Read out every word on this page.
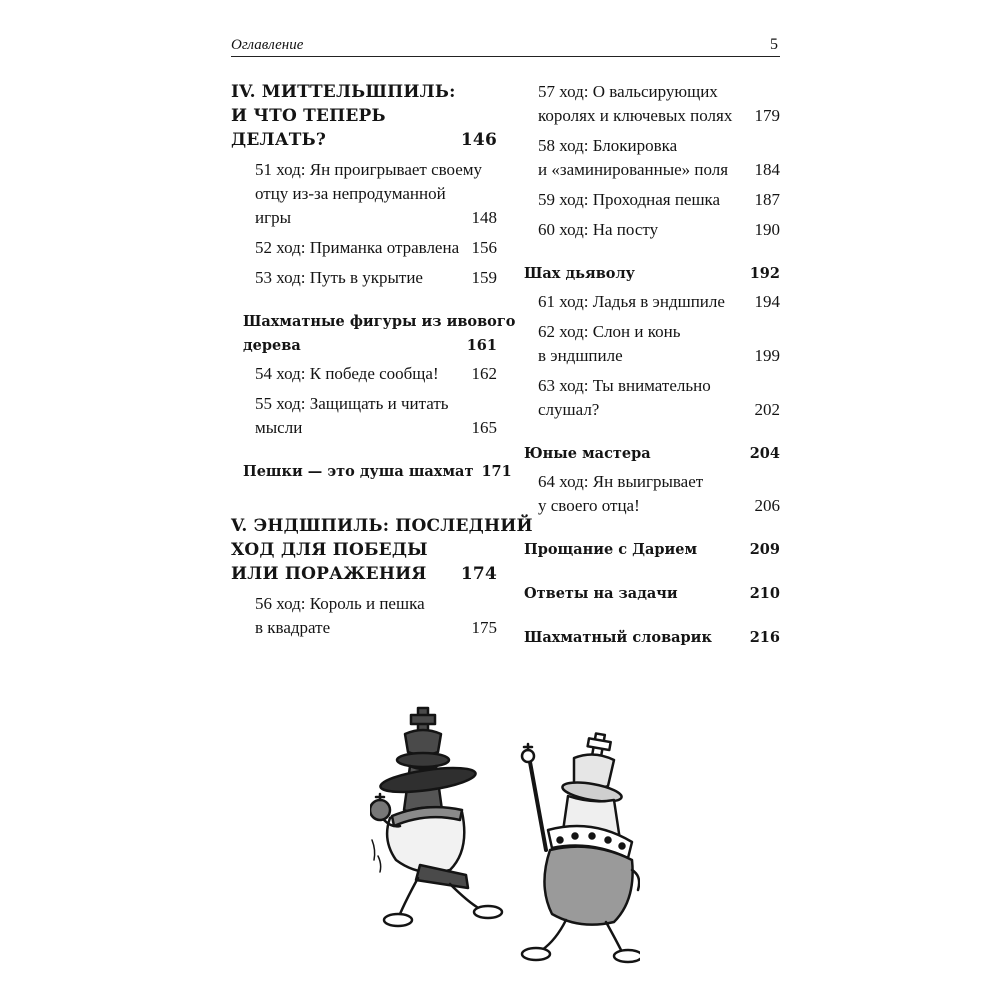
Оглавление	5
IV. МИТТЕЛЬШПИЛЬ:
И ЧТО ТЕПЕРЬ
ДЕЛАТЬ?	146
51 ход: Ян проигрывает своему
отцу из-за непродуманной
игры	148
52 ход: Приманка отравлена 156
53 ход: Путь в укрытие	159
Шахматные фигуры из ивового
дерева	161
54 ход: К победе сообща! 162
55 ход: Защищать и читать
мысли	165
Пешки — это душа шахмат 171
V. ЭНДШПИЛЬ: ПОСЛЕДНИЙ
ХОД ДЛЯ ПОБЕДЫ
ИЛИ ПОРАЖЕНИЯ 174
56 ход: Король и пешка
в квадрате	175
57 ход: О вальсирующих
королях и ключевых полях 179
58 ход: Блокировка
и «заминированные» поля 184
59 ход: Проходная пешка 187
60 ход: На посту	190
Шах дьяволу	192
61 ход: Ладья в эндшпиле 194
62 ход: Слон и конь
в эндшпиле	199
63 ход: Ты внимательно
слушал?	202
Юные мастера	204
64 ход: Ян выигрывает
у своего отца!	206
Прощание с Дарием	209
Ответы на задачи	210
Шахматный словарик	216
